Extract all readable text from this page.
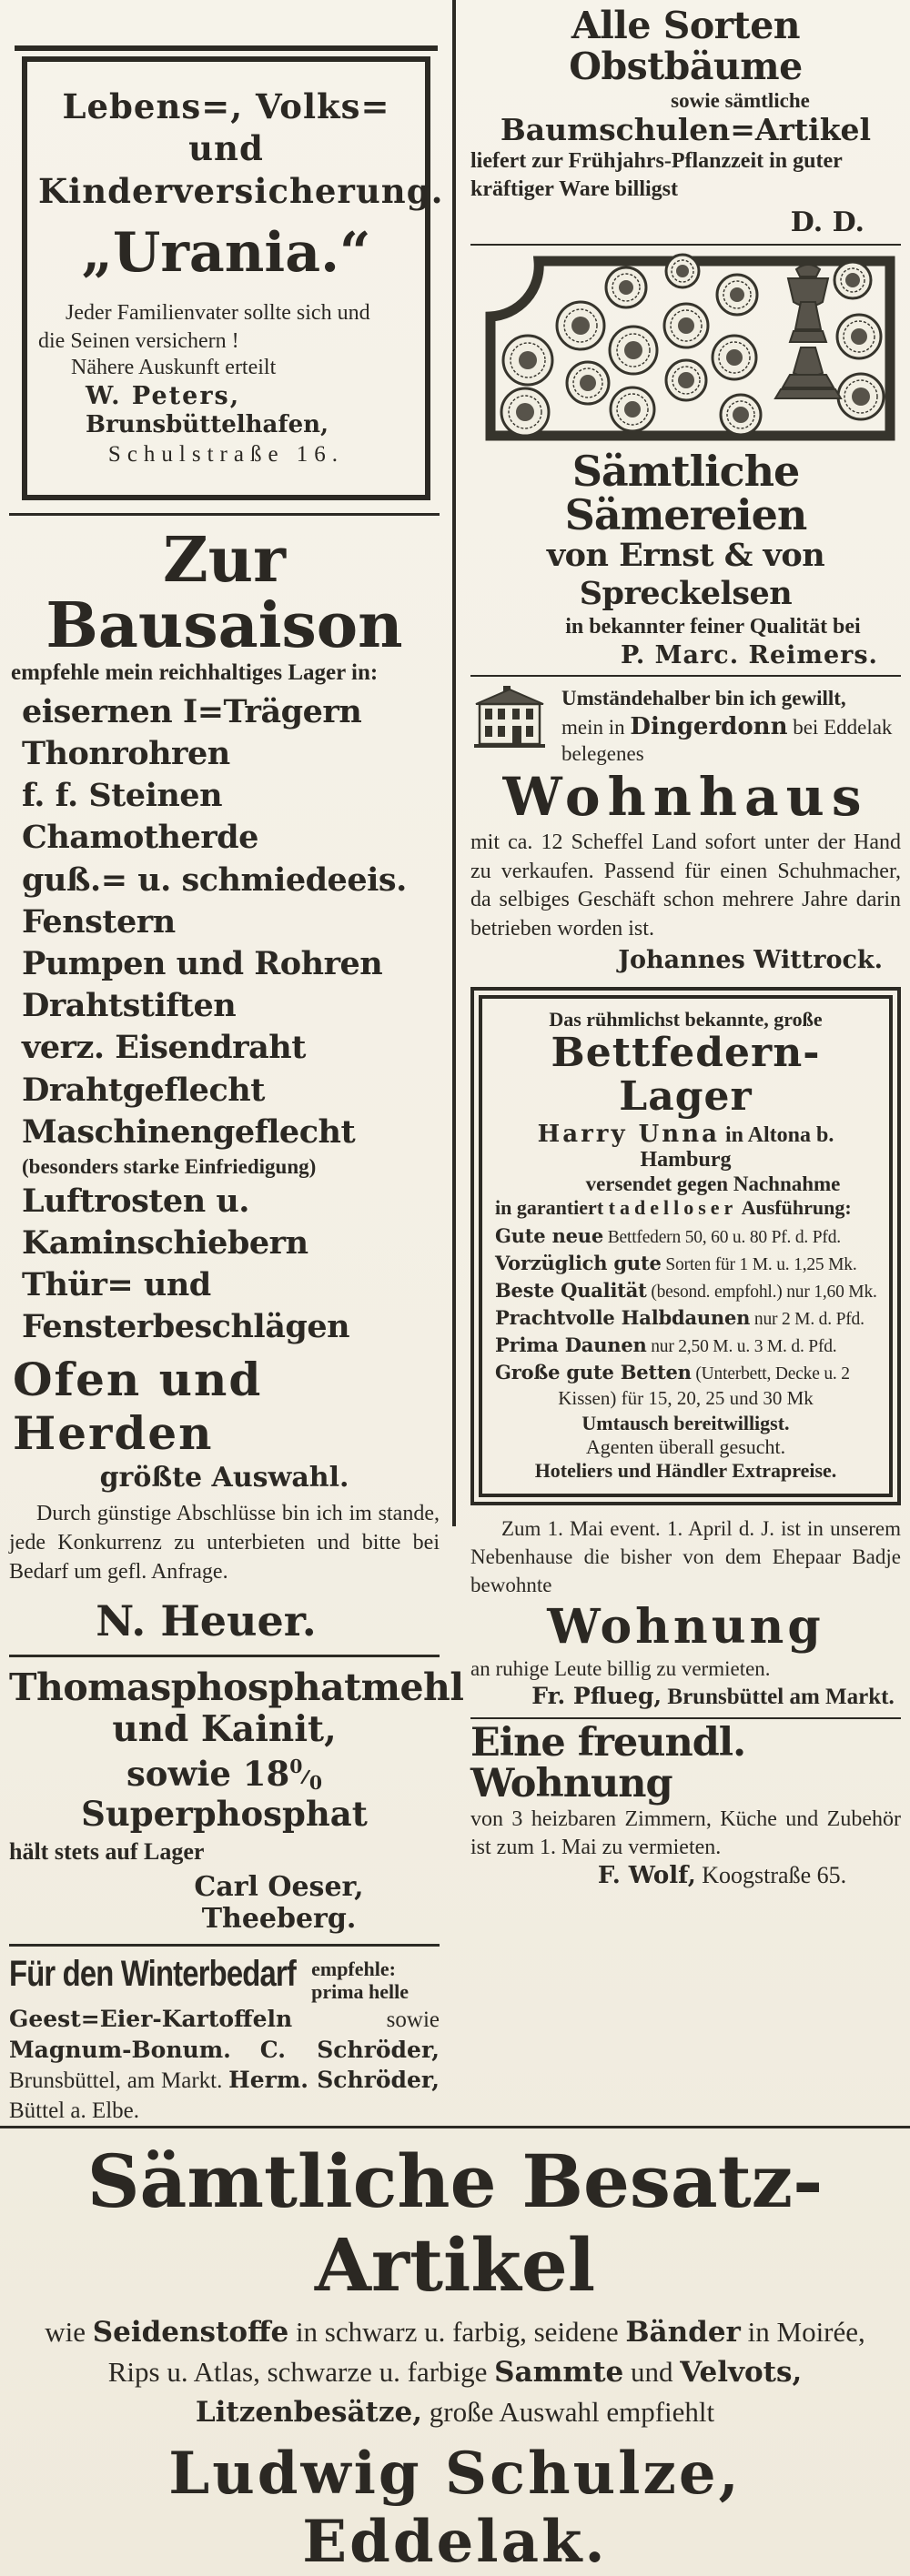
Lebens=, Volks= und
Kinderversicherung.
„Urania.“
Jeder Familienvater sollte sich und
die Seinen versichern !
Nähere Auskunft erteilt
W. Peters, Brunsbüttelhafen,
Schulstraße 16.
Zur Bausaison
empfehle mein reichhaltiges Lager in:
eisernen I=Trägern
Thonrohren
f. f. Steinen
Chamotherde
guß.= u. schmiedeeis. Fenstern
Pumpen und Rohren
Drahtstiften
verz. Eisendraht
Drahtgeflecht
Maschinengeflecht
(besonders starke Einfriedigung)
Luftrosten u. Kaminschiebern
Thür= und Fensterbeschlägen
Ofen und Herden
größte Auswahl.
Durch günstige Abschlüsse bin ich im stande, jede Konkurrenz zu unterbieten und bitte bei Bedarf um gefl. Anfrage.
N. Heuer.
Thomasphosphatmehl
und Kainit,
sowie 180/0 Superphosphat
hält stets auf Lager
Carl Oeser, Theeberg.
Für den Winterbedarf empfehle:
prima helle
Geest=Eier-Kartoffeln sowie Magnum-Bonum. C. Schröder, Brunsbüttel, am Markt. Herm. Schröder, Büttel a. Elbe.
Alle Sorten Obstbäume
sowie sämtliche
Baumschulen=Artikel
liefert zur Frühjahrs-Pflanzzeit in guter
kräftiger Ware billigst
D. D.
Sämtliche Sämereien
von Ernst & von Spreckelsen
in bekannter feiner Qualität bei
P. Marc. Reimers.
Umständehalber bin ich gewillt,
mein in Dingerdonn bei Eddelak
belegenes
Wohnhaus
mit ca. 12 Scheffel Land sofort unter der Hand zu verkaufen. Passend für einen Schuhmacher, da selbiges Geschäft schon mehrere Jahre darin betrieben worden ist.
Johannes Wittrock.
Das rühmlichst bekannte, große
Bettfedern-Lager
Harry Unna in Altona b. Hamburg
versendet gegen Nachnahme
in garantiert tadelloser Ausführung:
Gute neue Bettfedern 50, 60 u. 80 Pf. d. Pfd.
Vorzüglich gute Sorten für 1 M. u. 1,25 Mk.
Beste Qualität (besond. empfohl.) nur 1,60 Mk.
Prachtvolle Halbdaunen nur 2 M. d. Pfd.
Prima Daunen nur 2,50 M. u. 3 M. d. Pfd.
Große gute Betten (Unterbett, Decke u. 2
Kissen) für 15, 20, 25 und 30 Mk
Umtausch bereitwilligst.
Agenten überall gesucht.
Hoteliers und Händler Extrapreise.
Zum 1. Mai event. 1. April d. J. ist in unserem Nebenhause die bisher von dem Ehepaar Badje bewohnte
Wohnung
an ruhige Leute billig zu vermieten.
Fr. Pflueg, Brunsbüttel am Markt.
Eine freundl. Wohnung
von 3 heizbaren Zimmern, Küche und Zubehör ist zum 1. Mai zu vermieten.
F. Wolf, Koogstraße 65.
Sämtliche Besatz-Artikel
wie Seidenstoffe in schwarz u. farbig, seidene Bänder in Moirée, Rips u. Atlas, schwarze u. farbige Sammte und Velvots, Litzenbesätze, große Auswahl empfiehlt
Ludwig Schulze, Eddelak.
